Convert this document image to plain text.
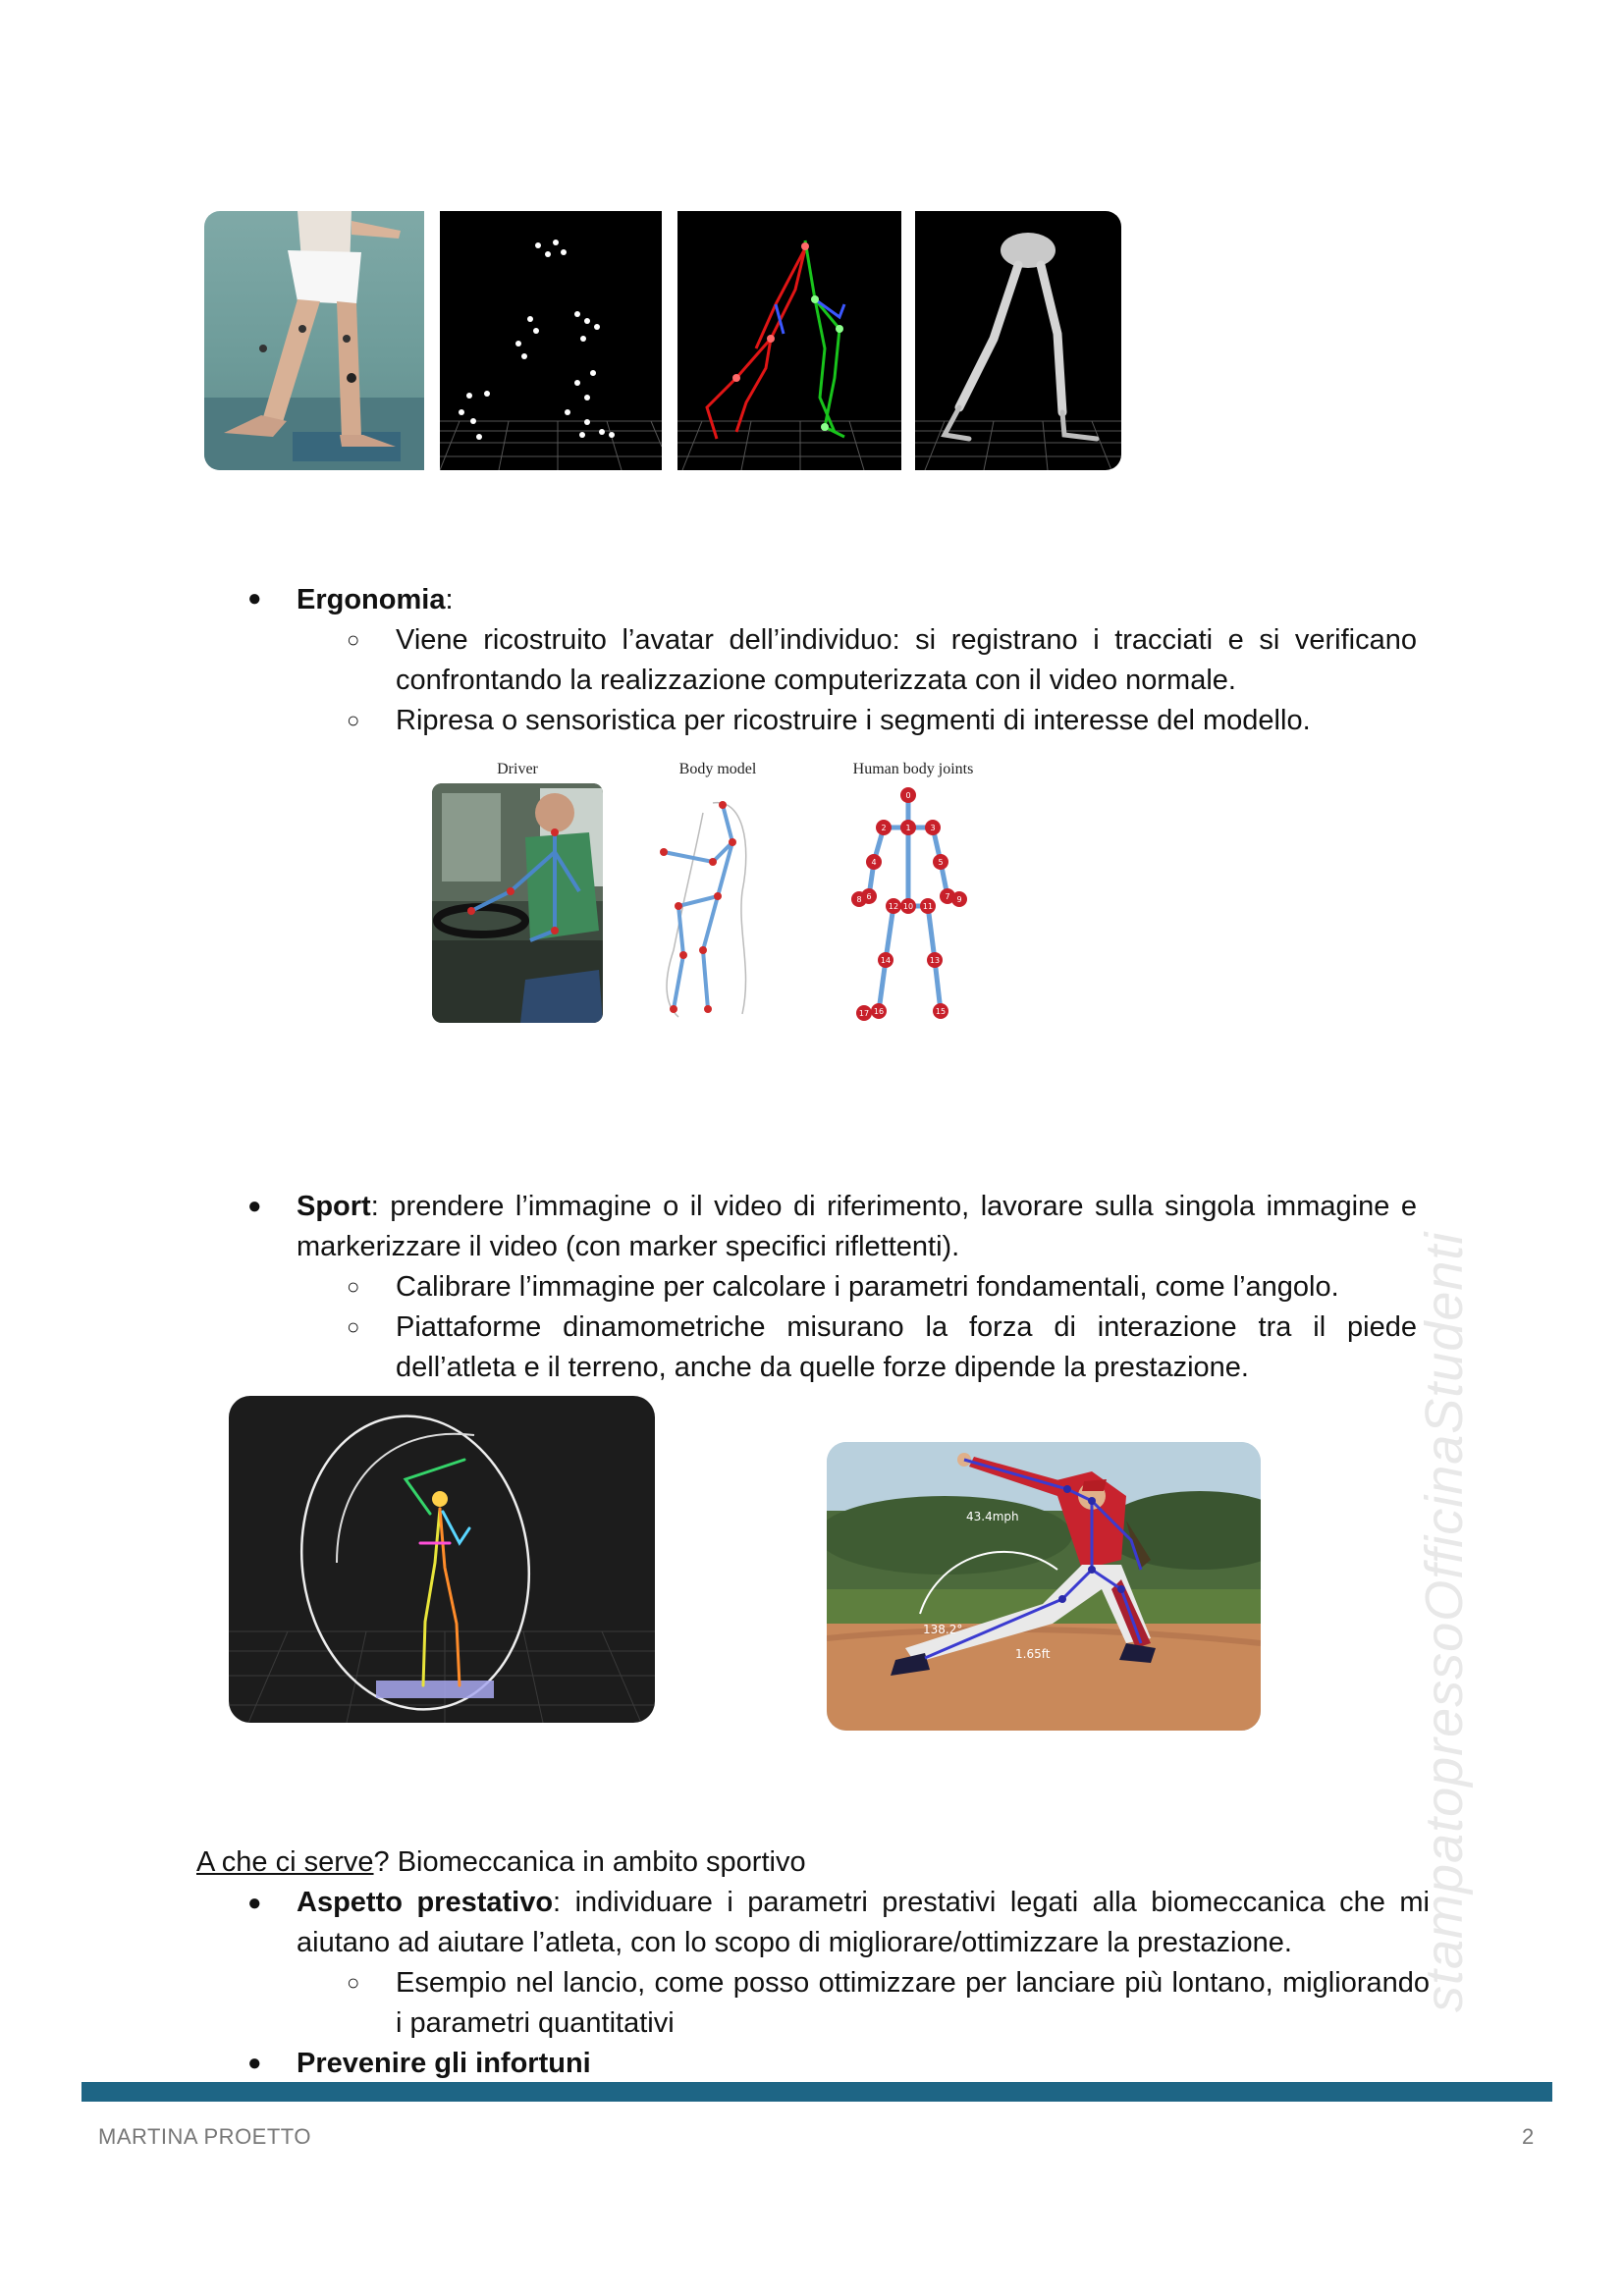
● Ergonomia:
○ Viene ricostruito l’avatar dell’individuo: si registrano i tracciati e si verificano confrontando la realizzazione computerizzata con il video normale.
○ Ripresa o sensoristica per ricostruire i segmenti di interesse del modello.
Driver	Body model	Human body joints
0
1
2	3
4	5
6	7
8	9
10 11
12
13
14
15
16
17
● Sport: prendere l’immagine o il video di riferimento, lavorare sulla singola immagine e markerizzare il video (con marker specifici riflettenti).
○ Calibrare l’immagine per calcolare i parametri fondamentali, come l’angolo.
○ Piattaforme dinamometriche misurano la forza di interazione tra il piede dell’atleta e il terreno, anche da quelle forze dipende la prestazione.
43.4mph
138.2°
1.65ft
A che ci serve? Biomeccanica in ambito sportivo
● Aspetto prestativo: individuare i parametri prestativi legati alla biomeccanica che mi aiutano ad aiutare l’atleta, con lo scopo di migliorare/ottimizzare la prestazione.
○ Esempio nel lancio, come posso ottimizzare per lanciare più lontano, migliorando i parametri quantitativi
● Prevenire gli infortuni
stampatopressoOfficinaStudenti
MARTINA PROETTO	2
